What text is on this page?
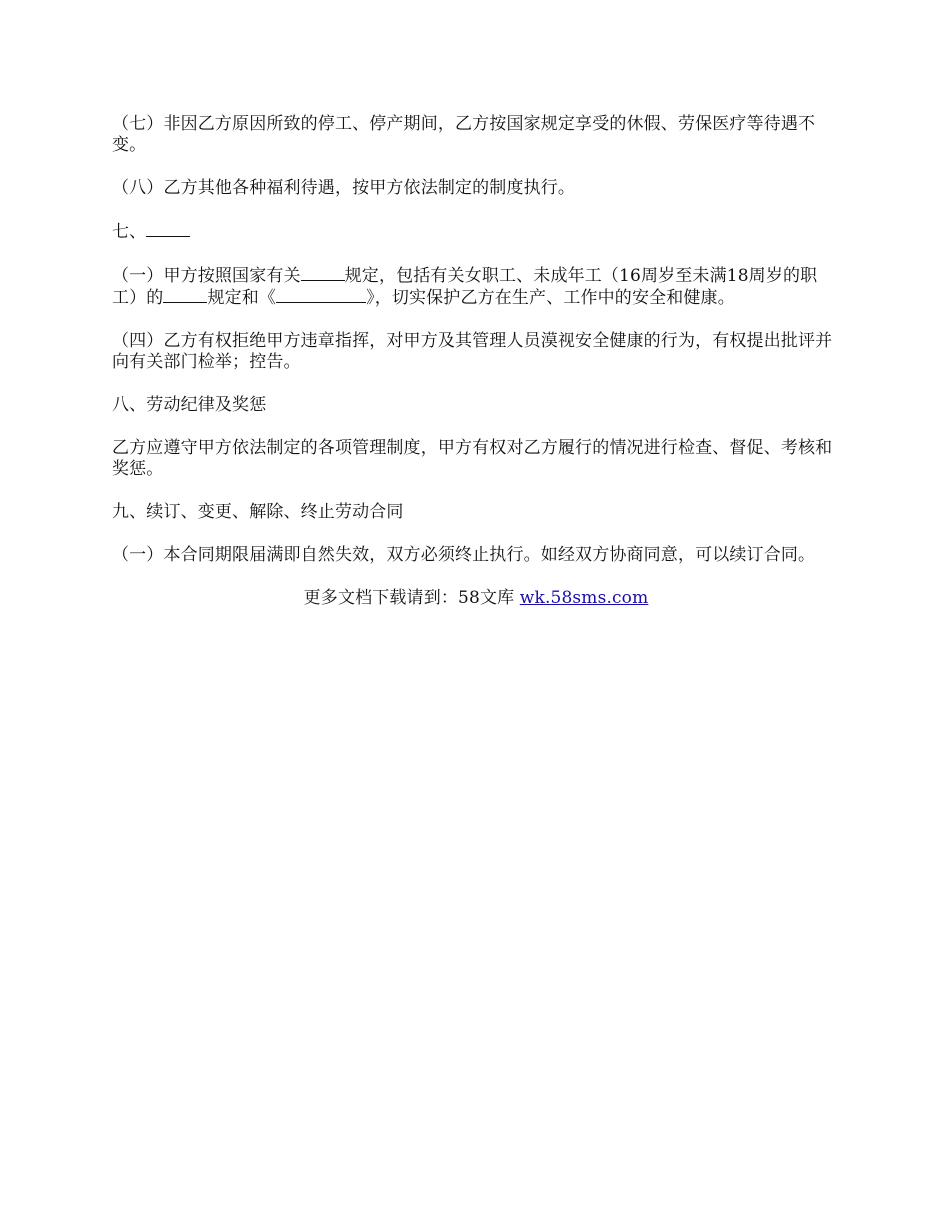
（七）非因乙方原因所致的停工、停产期间，乙方按国家规定享受的休假、劳保医疗等待遇不变。

（八）乙方其他各种福利待遇，按甲方依法制定的制度执行。

七、

（一）甲方按照国家有关	规定，包括有关女职工、未成年工（16周岁至未满18周岁的职工）的	规定和《	》，切实保护乙方在生产、工作中的安全和健康。

（四）乙方有权拒绝甲方违章指挥，对甲方及其管理人员漠视安全健康的行为，有权提出批评并向有关部门检举；控告。

八、劳动纪律及奖惩

乙方应遵守甲方依法制定的各项管理制度，甲方有权对乙方履行的情况进行检查、督促、考核和奖惩。

九、续订、变更、解除、终止劳动合同

（一）本合同期限届满即自然失效，双方必须终止执行。如经双方协商同意，可以续订合同。

更多文档下载请到：58文库 wk.58sms.com
